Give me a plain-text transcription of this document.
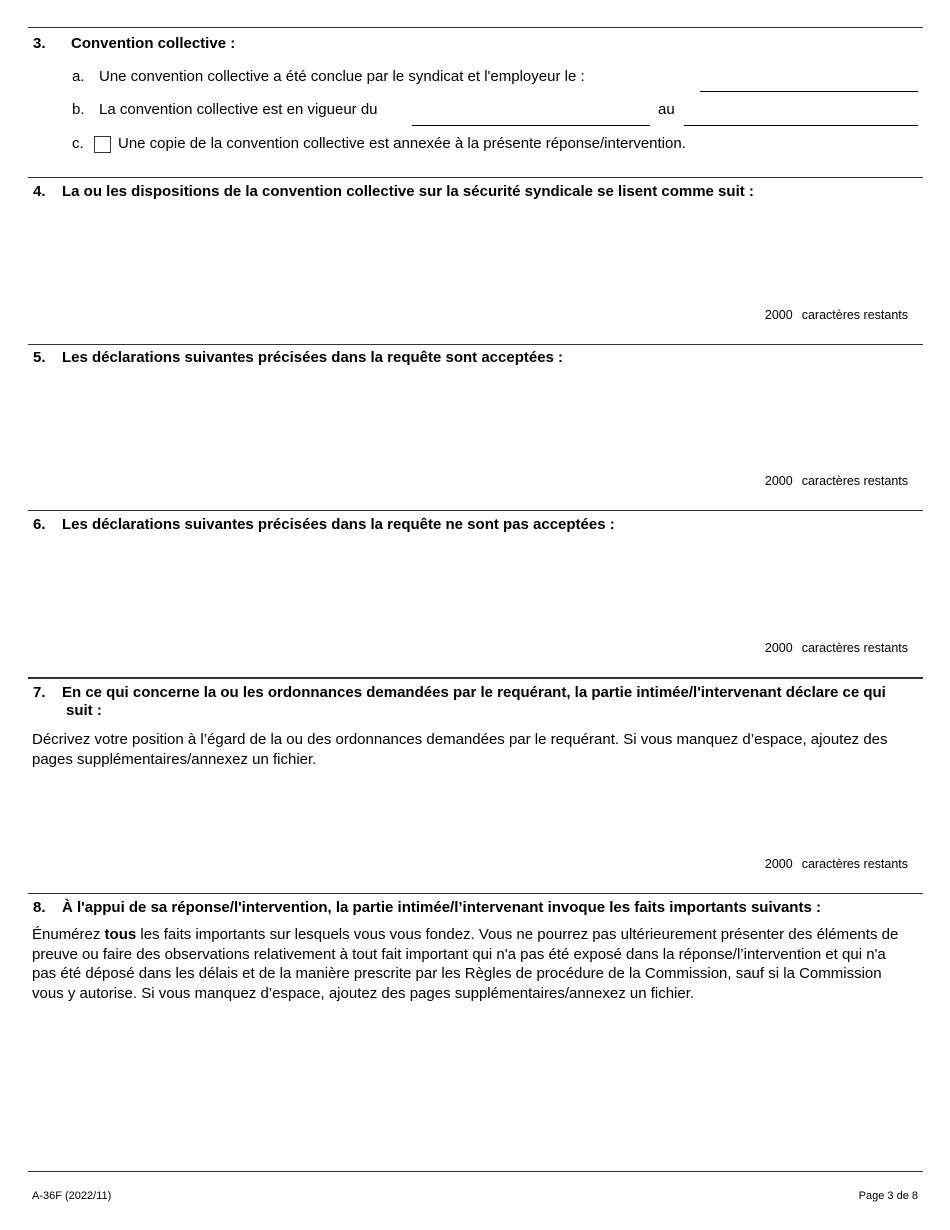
3. Convention collective :
a. Une convention collective a été conclue par le syndicat et l'employeur le :
b. La convention collective est en vigueur du	au
c. Une copie de la convention collective est annexée à la présente réponse/intervention.
4. La ou les dispositions de la convention collective sur la sécurité syndicale se lisent comme suit :
2000 caractères restants
5. Les déclarations suivantes précisées dans la requête sont acceptées :
2000 caractères restants
6. Les déclarations suivantes précisées dans la requête ne sont pas acceptées :
2000 caractères restants
7. En ce qui concerne la ou les ordonnances demandées par le requérant, la partie intimée/l'intervenant déclare ce qui
suit :
Décrivez votre position à l’égard de la ou des ordonnances demandées par le requérant. Si vous manquez d’espace, ajoutez des pages supplémentaires/annexez un fichier.
2000 caractères restants
8. À l'appui de sa réponse/l'intervention, la partie intimée/l’intervenant invoque les faits importants suivants :
Énumérez tous les faits importants sur lesquels vous vous fondez. Vous ne pourrez pas ultérieurement présenter des éléments de preuve ou faire des observations relativement à tout fait important qui n'a pas été exposé dans la réponse/l’intervention et qui n'a pas été déposé dans les délais et de la manière prescrite par les Règles de procédure de la Commission, sauf si la Commission vous y autorise. Si vous manquez d’espace, ajoutez des pages supplémentaires/annexez un fichier.
A-36F (2022/11)	Page 3 de 8
